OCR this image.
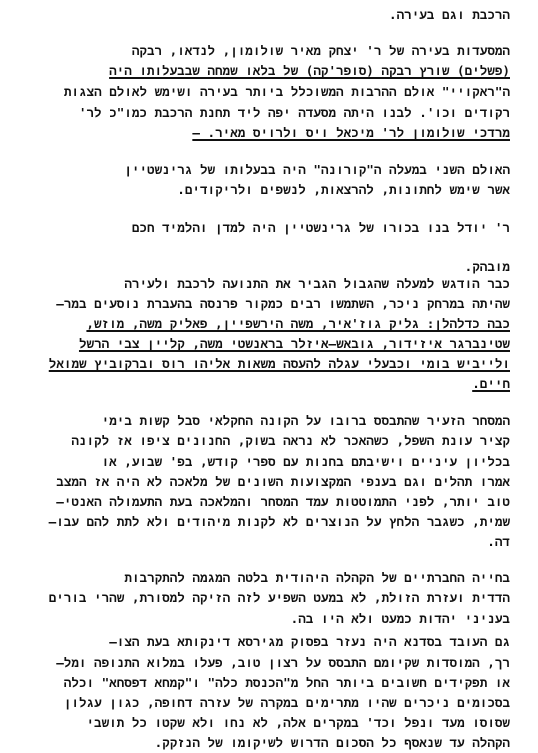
הרכבת וגם בעירה.
המסעדות בעירה של ר' יצחק מאיר שולומון, לנדאו, רבקה
(פשלים) שורץ רבקה (סופר'קה) של בלאו שמחה שבבעלותו היה
ה"ראקויי" אולם ההרבות המשוכלל ביותר בעירה ושימש לאולם הצגות
רקודים וכו'. לבנו היתה מסעדה יפה ליד תחנת הרכבת כמו"כ לר'
מרדכי שולומון לר' מיכאל ויס ולרויס מאיר. –
האולם השני במעלה ה"קורונה" היה בבעלותו של גרינשטיין
אשר שימש לחתונות, להרצאות, לנשפים ולריקודים.
ר' יודל בנו בכורו של גרינשטיין היה למדן והלמיד חכם
מובהק.
כבר הודגש למעלה שהגבול הגביר את התנועה לרכבת ולעירה
שהיתה במרחק ניכר, השתמשו רבים כמקור פרנסה בהעברת נוסעים במר–
כבה כדלהלן: גליק גוז'איר, משה הירשפיין, פאליק משה, מוזש,
שטינברגר איזידור, גובאש–איזלר בראנשטי משה, קליין צבי הרשל
ולייביש בומי וכבעלי עגלה להעסה משאות אליהו רוס וברקוביץ שמואל
חיים.
המסחר הזעיר שהתבסס ברובו על הקונה החקלאי סבל קשות בימי
קציר עונת השפל, כשהאכר לא נראה בשוק, החנונים ציפו אז לקונה
בכליון עיניים וישיבתם בחנות עם ספרי קודש, בפ' שבוע, או
אמרו תהלים וגם בענפי המקצועות השונים של מלאכה לא היה אז המצב
טוב יותר, לפני התמוטטות עמד המסחר והמלאכה בעת התעמולה האנטי–
שמית, כשגבר הלחץ על הנוצרים לא לקנות מיהודים ולא לתת להם עבו–
דה.
בחייה החברתיים של הקהלה היהודית בלטה המגמה להתקרבות
הדדית ועזרת הזולת, לא במעט השפיע לזה הזיקה למסורת, שהרי בורים
בעניני יהדות כמעט ולא היו בה.
גם העובד בסדנא היה נעזר בפסוק מגירסא דינקותא בעת הצו–
רך, המוסדות שקיומם התבסס על רצון טוב, פעלו במלוא התנופה ומל–
או תפקידים חשובים ביותר החל מ"הכנסת כלה" ו"קמחא דפסחא" וכלה
בסכומים ניכרים שהיו מתרימים במקרה של עזרה דחופה, כגון עגלון
שסוסו מעד ונפל וכד' במקרים אלה, לא נחו ולא שקטו כל תושבי
הקהלה עד שנאסף כל הסכום הדרוש לשיקומו של הנזקק.
